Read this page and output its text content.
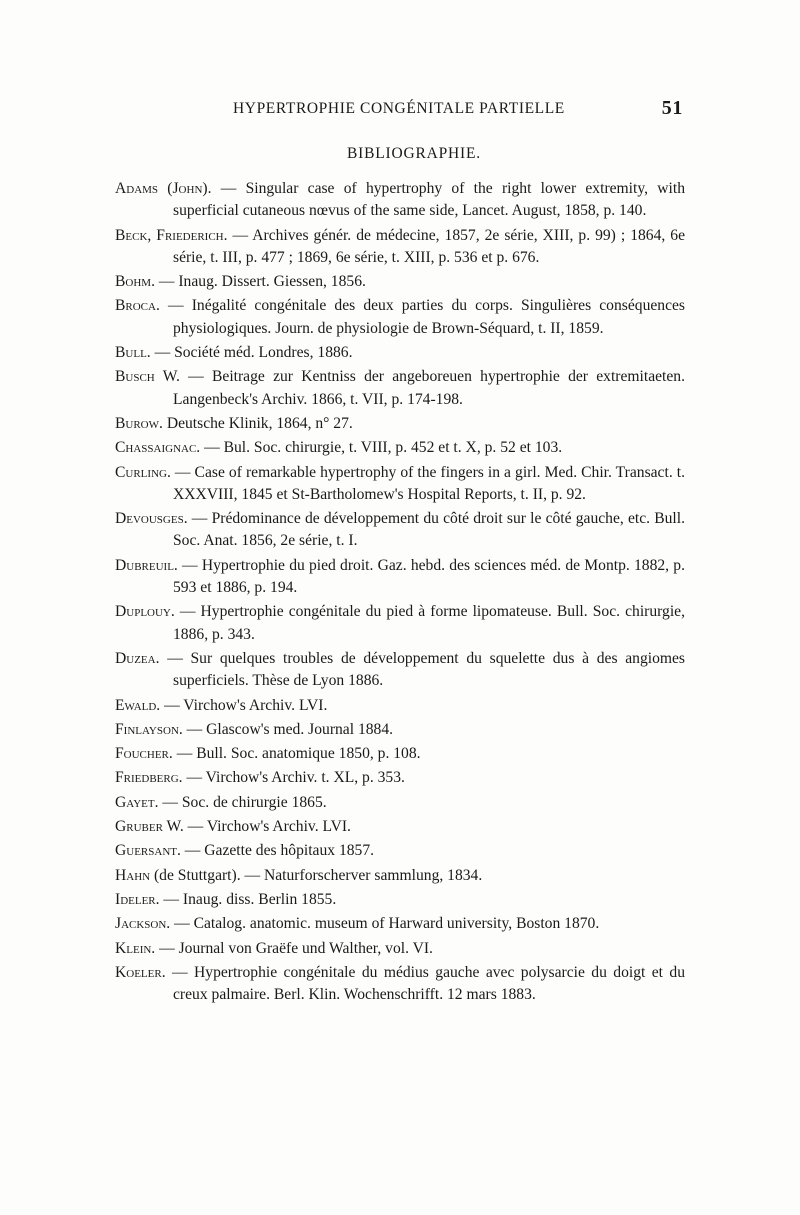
HYPERTROPHIE CONGÉNITALE PARTIELLE	51
BIBLIOGRAPHIE.

Adams (John). — Singular case of hypertrophy of the right lower extremity, with superficial cutaneous nœvus of the same side, Lancet. August, 1858, p. 140.

Beck, Friederich. — Archives génér. de médecine, 1857, 2e série, XIII, p. 99) ; 1864, 6e série, t. III, p. 477 ; 1869, 6e série, t. XIII, p. 536 et p. 676.

Bohm. — Inaug. Dissert. Giessen, 1856.

Broca. — Inégalité congénitale des deux parties du corps. Singulières conséquences physiologiques. Journ. de physiologie de Brown-Séquard, t. II, 1859.

Bull. — Société méd. Londres, 1886.

Busch W. — Beitrage zur Kentniss der angeboreuen hypertrophie der extremitaeten. Langenbeck's Archiv. 1866, t. VII, p. 174-198.

Burow. Deutsche Klinik, 1864, n° 27.

Chassaignac. — Bul. Soc. chirurgie, t. VIII, p. 452 et t. X, p. 52 et 103.

Curling. — Case of remarkable hypertrophy of the fingers in a girl. Med. Chir. Transact. t. XXXVIII, 1845 et St-Bartholomew's Hospital Reports, t. II, p. 92.

Devousges. — Prédominance de développement du côté droit sur le côté gauche, etc. Bull. Soc. Anat. 1856, 2e série, t. I.

Dubreuil. — Hypertrophie du pied droit. Gaz. hebd. des sciences méd. de Montp. 1882, p. 593 et 1886, p. 194.

Duplouy. — Hypertrophie congénitale du pied à forme lipomateuse. Bull. Soc. chirurgie, 1886, p. 343.

Duzea. — Sur quelques troubles de développement du squelette dus à des angiomes superficiels. Thèse de Lyon 1886.

Ewald. — Virchow's Archiv. LVI.

Finlayson. — Glascow's med. Journal 1884.

Foucher. — Bull. Soc. anatomique 1850, p. 108.

Friedberg. — Virchow's Archiv. t. XL, p. 353.

Gayet. — Soc. de chirurgie 1865.

Gruber W. — Virchow's Archiv. LVI.

Guersant. — Gazette des hôpitaux 1857.

Hahn (de Stuttgart). — Naturforscherver sammlung, 1834.

Ideler. — Inaug. diss. Berlin 1855.

Jackson. — Catalog. anatomic. museum of Harward university, Boston 1870.

Klein. — Journal von Graëfe und Walther, vol. VI.

Koeler. — Hypertrophie congénitale du médius gauche avec polysarcie du doigt et du creux palmaire. Berl. Klin. Wochenschrifft. 12 mars 1883.
